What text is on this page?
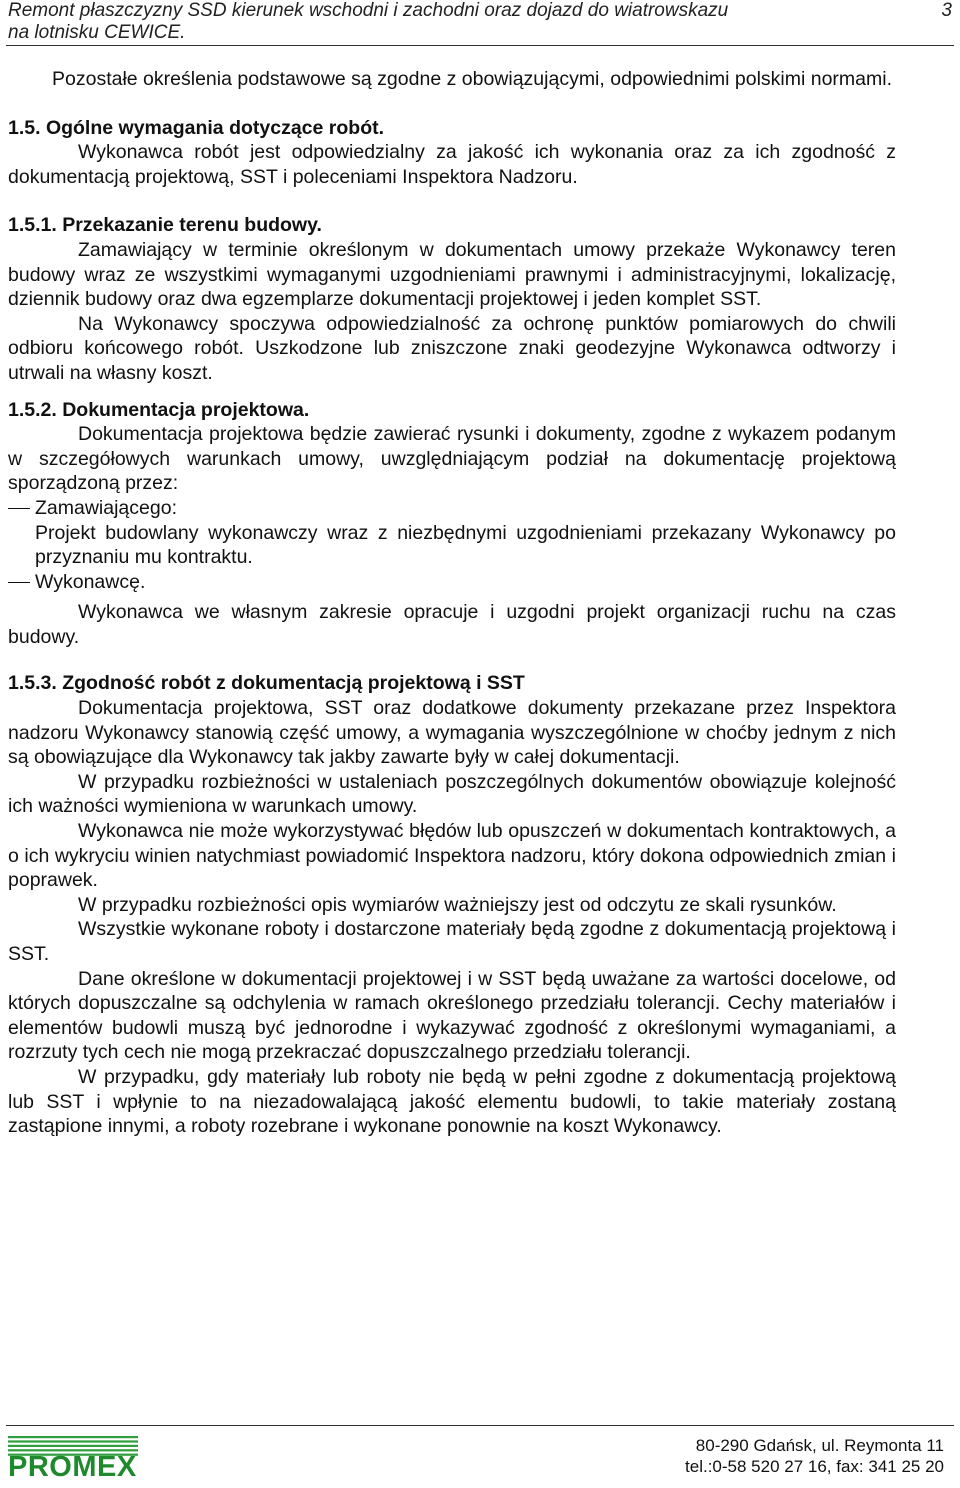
Remont płaszczyzny SSD kierunek wschodni i zachodni oraz dojazd do wiatrowskazu
na lotnisku CEWICE.
3

Pozostałe określenia podstawowe są zgodne z obowiązującymi, odpowiednimi polskimi normami.

1.5. Ogólne wymagania dotyczące robót.

Wykonawca robót jest odpowiedzialny za jakość ich wykonania oraz za ich zgodność z dokumentacją projektową, SST i poleceniami Inspektora Nadzoru.

1.5.1. Przekazanie terenu budowy.

Zamawiający w terminie określonym w dokumentach umowy przekaże Wykonawcy teren budowy wraz ze wszystkimi wymaganymi uzgodnieniami prawnymi i administracyjnymi, lokalizację, dziennik budowy oraz dwa egzemplarze dokumentacji projektowej i jeden komplet SST.

Na Wykonawcy spoczywa odpowiedzialność za ochronę punktów pomiarowych do chwili odbioru końcowego robót. Uszkodzone lub zniszczone znaki geodezyjne Wykonawca odtworzy i utrwali na własny koszt.

1.5.2. Dokumentacja projektowa.

Dokumentacja projektowa będzie zawierać rysunki i dokumenty, zgodne z wykazem podanym w szczegółowych warunkach umowy, uwzględniającym podział na dokumentację projektową sporządzoną przez:

Zamawiającego:

Projekt budowlany wykonawczy wraz z niezbędnymi uzgodnieniami przekazany Wykonawcy po przyznaniu mu kontraktu.

Wykonawcę.

Wykonawca we własnym zakresie opracuje i uzgodni projekt organizacji ruchu na czas budowy.

1.5.3. Zgodność robót z dokumentacją projektową i SST

Dokumentacja projektowa, SST oraz dodatkowe dokumenty przekazane przez Inspektora nadzoru Wykonawcy stanowią część umowy, a wymagania wyszczególnione w choćby jednym z nich są obowiązujące dla Wykonawcy tak jakby zawarte były w całej dokumentacji.

W przypadku rozbieżności w ustaleniach poszczególnych dokumentów obowiązuje kolejność ich ważności wymieniona w warunkach umowy.

Wykonawca nie może wykorzystywać błędów lub opuszczeń w dokumentach kontraktowych, a o ich wykryciu winien natychmiast powiadomić Inspektora nadzoru, który dokona odpowiednich zmian i poprawek.

W przypadku rozbieżności opis wymiarów ważniejszy jest od odczytu ze skali rysunków.

Wszystkie wykonane roboty i dostarczone materiały będą zgodne z dokumentacją projektową i SST.

Dane określone w dokumentacji projektowej i w SST będą uważane za wartości docelowe, od których dopuszczalne są odchylenia w ramach określonego przedziału tolerancji. Cechy materiałów i elementów budowli muszą być jednorodne i wykazywać zgodność z określonymi wymaganiami, a rozrzuty tych cech nie mogą przekraczać dopuszczalnego przedziału tolerancji.

W przypadku, gdy materiały lub roboty nie będą w pełni zgodne z dokumentacją projektową lub SST i wpłynie to na niezadowalającą jakość elementu budowli, to takie materiały zostaną zastąpione innymi, a roboty rozebrane i wykonane ponownie na koszt Wykonawcy.

PROMEX
80-290 Gdańsk, ul. Reymonta 11
tel.:0-58 520 27 16, fax: 341 25 20
